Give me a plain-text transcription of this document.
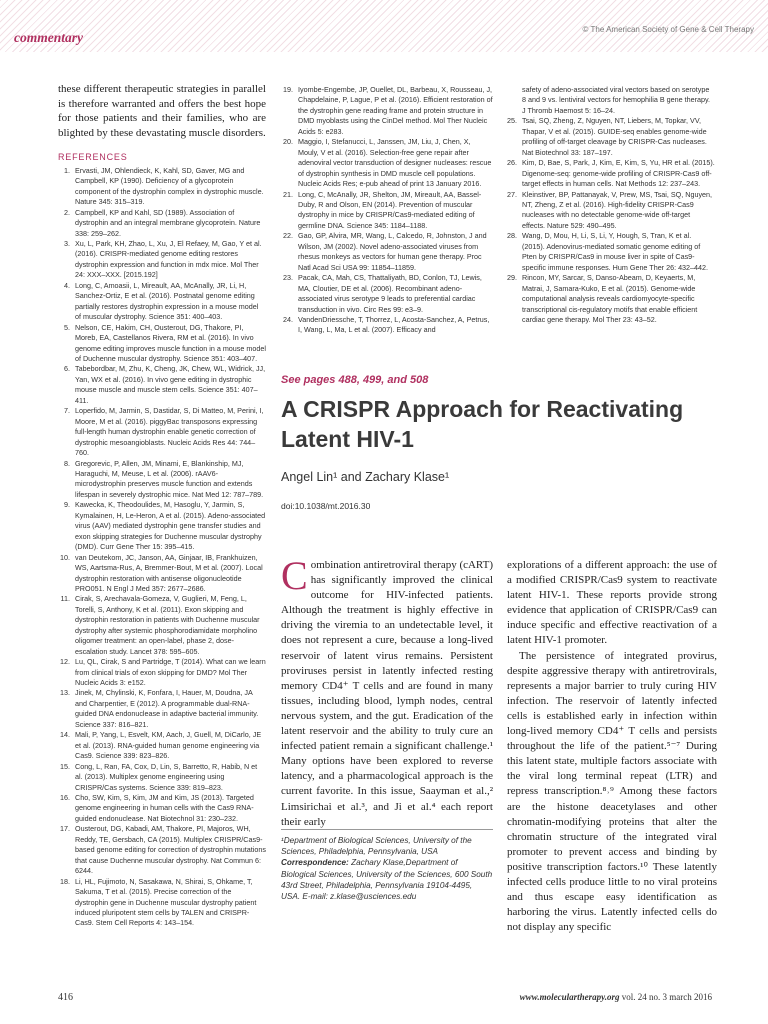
commentary
© The American Society of Gene & Cell Therapy

these different therapeutic strategies in parallel is therefore warranted and offers the best hope for those patients and their families, who are blighted by these devastating muscle disorders.

REFERENCES
1. Ervasti, JM, Ohlendieck, K, Kahl, SD, Gaver, MG and Campbell, KP (1990). Deficiency of a glycoprotein component of the dystrophin complex in dystrophic muscle. Nature 345: 315–319.
2. Campbell, KP and Kahl, SD (1989). Association of dystrophin and an integral membrane glycoprotein. Nature 338: 259–262.
3. Xu, L, Park, KH, Zhao, L, Xu, J, El Refaey, M, Gao, Y et al. (2016). CRISPR-mediated genome editing restores dystrophin expression and function in mdx mice. Mol Ther 24: XXX–XXX. [2015.192]
4. Long, C, Amoasii, L, Mireault, AA, McAnally, JR, Li, H, Sanchez-Ortiz, E et al. (2016). Postnatal genome editing partially restores dystrophin expression in a mouse model of muscular dystrophy. Science 351: 400–403.
5. Nelson, CE, Hakim, CH, Ousterout, DG, Thakore, PI, Moreb, EA, Castellanos Rivera, RM et al. (2016). In vivo genome editing improves muscle function in a mouse model of Duchenne muscular dystrophy. Science 351: 403–407.
6. Tabebordbar, M, Zhu, K, Cheng, JK, Chew, WL, Widrick, JJ, Yan, WX et al. (2016). In vivo gene editing in dystrophic mouse muscle and muscle stem cells. Science 351: 407–411.
7. Loperfido, M, Jarmin, S, Dastidar, S, Di Matteo, M, Perini, I, Moore, M et al. (2016). piggyBac transposons expressing full-length human dystrophin enable genetic correction of dystrophic mesoangioblasts. Nucleic Acids Res 44: 744–760.
8. Gregorevic, P, Allen, JM, Minami, E, Blankinship, MJ, Haraguchi, M, Meuse, L et al. (2006). rAAV6-microdystrophin preserves muscle function and extends lifespan in severely dystrophic mice. Nat Med 12: 787–789.
9. Kawecka, K, Theodoulides, M, Hasoglu, Y, Jarmin, S, Kymalainen, H, Le-Heron, A et al. (2015). Adeno-associated virus (AAV) mediated dystrophin gene transfer studies and exon skipping strategies for Duchenne muscular dystrophy (DMD). Curr Gene Ther 15: 395–415.
10. van Deutekom, JC, Janson, AA, Ginjaar, IB, Frankhuizen, WS, Aartsma-Rus, A, Bremmer-Bout, M et al. (2007). Local dystrophin restoration with antisense oligonucleotide PRO051. N Engl J Med 357: 2677–2686.
11. Cirak, S, Arechavala-Gomeza, V, Guglieri, M, Feng, L, Torelli, S, Anthony, K et al. (2011). Exon skipping and dystrophin restoration in patients with Duchenne muscular dystrophy after systemic phosphorodiamidate morpholino oligomer treatment: an open-label, phase 2, dose-escalation study. Lancet 378: 595–605.
12. Lu, QL, Cirak, S and Partridge, T (2014). What can we learn from clinical trials of exon skipping for DMD? Mol Ther Nucleic Acids 3: e152.
13. Jinek, M, Chylinski, K, Fonfara, I, Hauer, M, Doudna, JA and Charpentier, E (2012). A programmable dual-RNA-guided DNA endonuclease in adaptive bacterial immunity. Science 337: 816–821.
14. Mali, P, Yang, L, Esvelt, KM, Aach, J, Guell, M, DiCarlo, JE et al. (2013). RNA-guided human genome engineering via Cas9. Science 339: 823–826.
15. Cong, L, Ran, FA, Cox, D, Lin, S, Barretto, R, Habib, N et al. (2013). Multiplex genome engineering using CRISPR/Cas systems. Science 339: 819–823.
16. Cho, SW, Kim, S, Kim, JM and Kim, JS (2013). Targeted genome engineering in human cells with the Cas9 RNA-guided endonuclease. Nat Biotechnol 31: 230–232.
17. Ousterout, DG, Kabadi, AM, Thakore, PI, Majoros, WH, Reddy, TE, Gersbach, CA (2015). Multiplex CRISPR/Cas9-based genome editing for correction of dystrophin mutations that cause Duchenne muscular dystrophy. Nat Commun 6: 6244.
18. Li, HL, Fujimoto, N, Sasakawa, N, Shirai, S, Ohkame, T, Sakuma, T et al. (2015). Precise correction of the dystrophin gene in Duchenne muscular dystrophy patient induced pluripotent stem cells by TALEN and CRISPR-Cas9. Stem Cell Reports 4: 143–154.
19. Iyombe-Engembe, JP, Ouellet, DL, Barbeau, X, Rousseau, J, Chapdelaine, P, Lague, P et al. (2016). Efficient restoration of the dystrophin gene reading frame and protein structure in DMD myoblasts using the CinDel method. Mol Ther Nucleic Acids 5: e283.
20. Maggio, I, Stefanucci, L, Janssen, JM, Liu, J, Chen, X, Mouly, V et al. (2016). Selection-free gene repair after adenoviral vector transduction of designer nucleases: rescue of dystrophin synthesis in DMD muscle cell populations. Nucleic Acids Res; e-pub ahead of print 13 January 2016.
21. Long, C, McAnally, JR, Shelton, JM, Mireault, AA, Bassel-Duby, R and Olson, EN (2014). Prevention of muscular dystrophy in mice by CRISPR/Cas9-mediated editing of germline DNA. Science 345: 1184–1188.
22. Gao, GP, Alvira, MR, Wang, L, Calcedo, R, Johnston, J and Wilson, JM (2002). Novel adeno-associated viruses from rhesus monkeys as vectors for human gene therapy. Proc Natl Acad Sci USA 99: 11854–11859.
23. Pacak, CA, Mah, CS, Thattaliyath, BD, Conlon, TJ, Lewis, MA, Cloutier, DE et al. (2006). Recombinant adeno-associated virus serotype 9 leads to preferential cardiac transduction in vivo. Circ Res 99: e3–9.
24. VandenDriessche, T, Thorrez, L, Acosta-Sanchez, A, Petrus, I, Wang, L, Ma, L et al. (2007). Efficacy and
safety of adeno-associated viral vectors based on serotype 8 and 9 vs. lentiviral vectors for hemophilia B gene therapy. J Thromb Haemost 5: 16–24.
25. Tsai, SQ, Zheng, Z, Nguyen, NT, Liebers, M, Topkar, VV, Thapar, V et al. (2015). GUIDE-seq enables genome-wide profiling of off-target cleavage by CRISPR-Cas nucleases. Nat Biotechnol 33: 187–197.
26. Kim, D, Bae, S, Park, J, Kim, E, Kim, S, Yu, HR et al. (2015). Digenome-seq: genome-wide profiling of CRISPR-Cas9 off-target effects in human cells. Nat Methods 12: 237–243.
27. Kleinstiver, BP, Pattanayak, V, Prew, MS, Tsai, SQ, Nguyen, NT, Zheng, Z et al. (2016). High-fidelity CRISPR-Cas9 nucleases with no detectable genome-wide off-target effects. Nature 529: 490–495.
28. Wang, D, Mou, H, Li, S, Li, Y, Hough, S, Tran, K et al. (2015). Adenovirus-mediated somatic genome editing of Pten by CRISPR/Cas9 in mouse liver in spite of Cas9-specific immune responses. Hum Gene Ther 26: 432–442.
29. Rincon, MY, Sarcar, S, Danso-Abeam, D, Keyaerts, M, Matrai, J, Samara-Kuko, E et al. (2015). Genome-wide computational analysis reveals cardiomyocyte-specific transcriptional cis-regulatory motifs that enable efficient cardiac gene therapy. Mol Ther 23: 43–52.
See pages 488, 499, and 508
A CRISPR Approach for Reactivating Latent HIV-1
Angel Lin¹ and Zachary Klase¹
doi:10.1038/mt.2016.30

Combination antiretroviral therapy (cART) has significantly improved the clinical outcome for HIV-infected patients. Although the treatment is highly effective in driving the viremia to an undetectable level, it does not represent a cure, because a long-lived reservoir of latent virus remains. Persistent proviruses persist in latently infected resting memory CD4⁺ T cells and are found in many tissues, including blood, lymph nodes, central nervous system, and the gut. Eradication of the latent reservoir and the ability to truly cure an infected patient remain a significant challenge.¹ Many options have been explored to reverse latency, and a pharmacological approach is the current favorite. In this issue, Saayman et al.,² Limsirichai et al.³, and Ji et al.⁴ each report their early

explorations of a different approach: the use of a modified CRISPR/Cas9 system to reactivate latent HIV-1. These reports provide strong evidence that application of CRISPR/Cas9 can induce specific and effective reactivation of a latent HIV-1 promoter.

The persistence of integrated provirus, despite aggressive therapy with antiretrovirals, represents a major barrier to truly curing HIV infection. The reservoir of latently infected cells is established early in infection within long-lived memory CD4⁺ T cells and persists throughout the life of the patient.⁵⁻⁷ During this latent state, multiple factors associate with the viral long terminal repeat (LTR) and repress transcription.⁸˒⁹ Among these factors are the histone deacetylases and other chromatin-modifying proteins that alter the chromatin structure of the integrated viral promoter to prevent access and binding by positive transcription factors.¹⁰ These latently infected cells produce little to no viral proteins and thus escape easy identification as harboring the virus. Latently infected cells do not display any specific

¹Department of Biological Sciences, University of the Sciences, Philadelphia, Pennsylvania, USA

Correspondence: Zachary Klase,Department of Biological Sciences, University of the Sciences, 600 South 43rd Street, Philadelphia, Pennsylvania 19104-4495, USA. E-mail: z.klase@usciences.edu

416	www.moleculartherapy.org vol. 24 no. 3 march 2016
